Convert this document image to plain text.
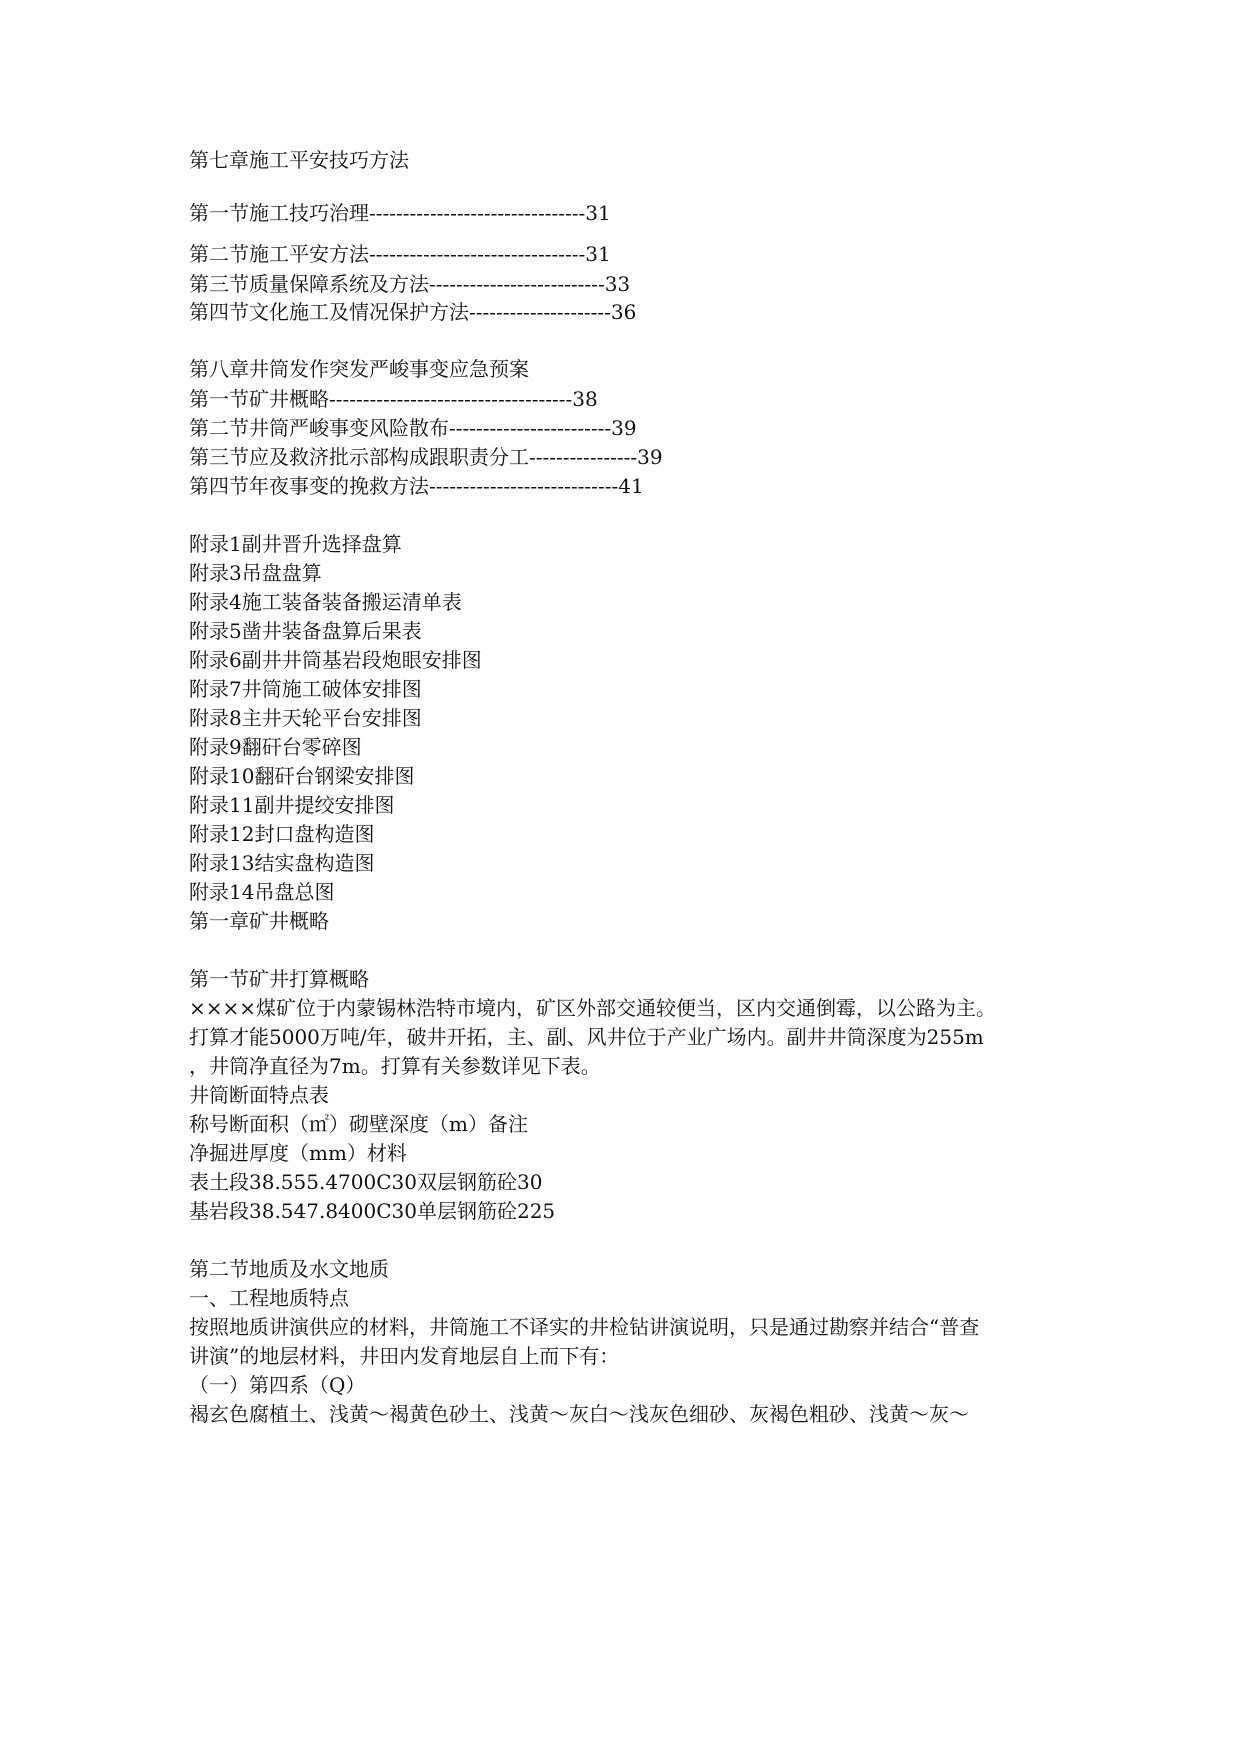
第七章施工平安技巧方法
第一节施工技巧治理--------------------------------31
第二节施工平安方法--------------------------------31
第三节质量保障系统及方法--------------------------33
第四节文化施工及情况保护方法---------------------36
第八章井筒发作突发严峻事变应急预案
第一节矿井概略------------------------------------38
第二节井筒严峻事变风险散布------------------------39
第三节应及救济批示部构成跟职责分工----------------39
第四节年夜事变的挽救方法----------------------------41
附录1副井晋升选择盘算
附录3吊盘盘算
附录4施工装备装备搬运清单表
附录5凿井装备盘算后果表
附录6副井井筒基岩段炮眼安排图
附录7井筒施工破体安排图
附录8主井天轮平台安排图
附录9翻矸台零碎图
附录10翻矸台钢梁安排图
附录11副井提绞安排图
附录12封口盘构造图
附录13结实盘构造图
附录14吊盘总图
第一章矿井概略
第一节矿井打算概略
××××煤矿位于内蒙锡林浩特市境内，矿区外部交通较便当，区内交通倒霉，以公路为主。
打算才能5000万吨/年，破井开拓，主、副、风井位于产业广场内。副井井筒深度为255m
，井筒净直径为7m。打算有关参数详见下表。
井筒断面特点表
称号断面积（㎡）砌壁深度（m）备注
净掘进厚度（mm）材料
表土段38.555.4700C30双层钢筋砼30
基岩段38.547.8400C30单层钢筋砼225
第二节地质及水文地质
一、工程地质特点
按照地质讲演供应的材料，井筒施工不译实的井检钻讲演说明，只是通过勘察并结合“普查
讲演”的地层材料，井田内发育地层自上而下有：
（一）第四系（Q）
褐玄色腐植土、浅黄～褐黄色砂土、浅黄～灰白～浅灰色细砂、灰褐色粗砂、浅黄～灰～
